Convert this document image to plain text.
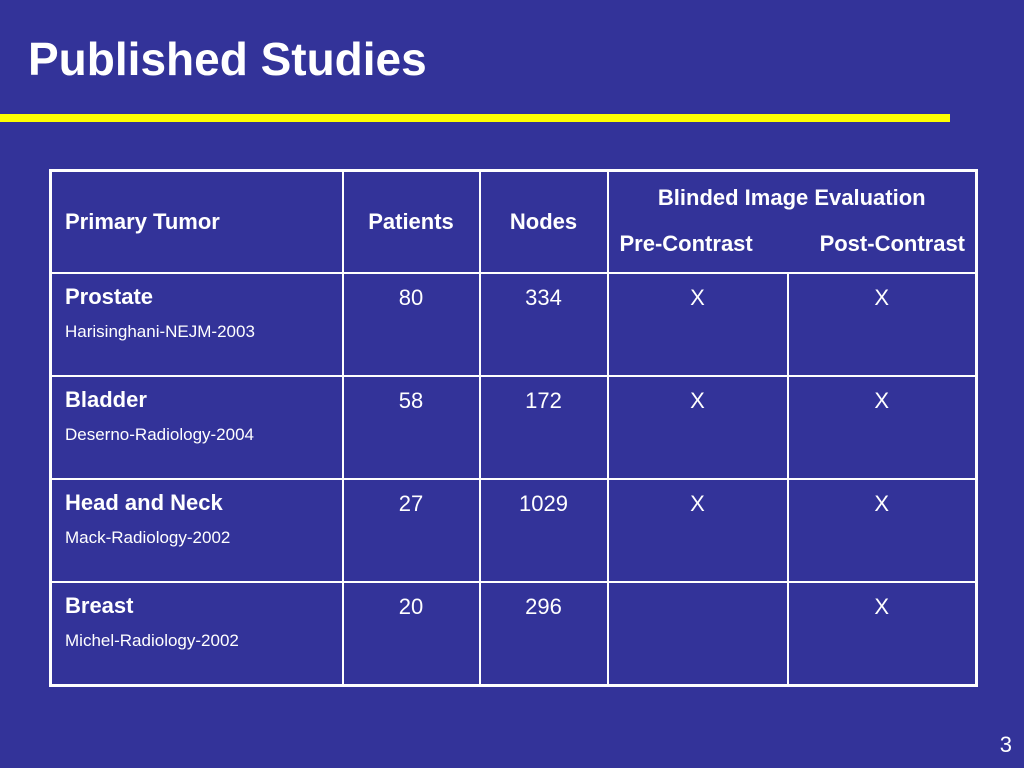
Published Studies
Primary Tumor	Patients	Nodes	Blinded Image Evaluation
Pre-Contrast Post-Contrast	

Prostate
Harisinghani-NEJM-2003	80	334	X	X

Bladder
Deserno-Radiology-2004	58	172	X	X

Head and Neck
Mack-Radiology-2002	27	1029	X	X

Breast
Michel-Radiology-2002	20	296		X
3
